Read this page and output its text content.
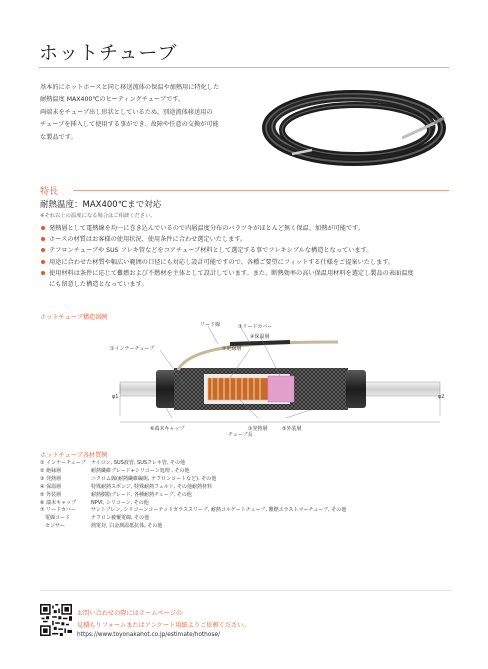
ホットチューブ
基本的にホットホースと同じ移送流体の保温や加熱用に特化した
耐熱温度 MAX400℃のヒーティングチューブです。
両端末をチューブ出し形状としているため、別途流体移送用の
チューブを挿入して使用する事ができ、故障や任意の交換が可能
な製品です。
特長
耐熱温度：MAX400℃まで対応
※それ以上の温度になる場合はご相談ください。
発熱層として電熱線を均一に巻き込んでいるので内層温度分布のバラツキがほとんど無く保温、加熱が可能です。
ホースの材質はお客様の使用状況、使用条件に合わせ選定いたします。
テフロンチューブや SUS フレキ管などをコアチューブ材料として選定する事でフレキシブルな構造となっています。
用途に合わせた材質や幅広い範囲の口径にも対応し設計可能ですので、各種ご要望にフィットする仕様をご提案いたします。
使用材料は条件に応じて難燃および不燃材を主体として設計しています。また、断熱効率の高い保温用材料を選定し製品の表面温度
にも留意した構造となっています。
ホットチューブ構造図例
リード線	⑦リードカバー
④保温層
①インナーチューブ	②絶縁層
φ1	φ2
⑥端末キャップ	③発熱層	⑤外装層
チューブ長
ホットチューブ各材質例
① インナーチューブ	ナイロン, SUS波管, SUSフレキ管, その他
② 絶縁層	耐熱繊維ブレード+シリコーン処理 , その他
③ 発熱層	ニクロム線(耐熱繊維編組, テフロンコートなど), その他
④ 保温層	特殊耐熱スポンジ, 特殊耐熱フェルト, その他耐熱材料
⑤ 外装層	耐熱樹脂ブレード, 各種耐熱チューブ, その他
⑥ 端末キャップ	NPVI, シリコーン, その他
⑦ リードカバー	サントプレン, シリコーンコーテッドガラススリーブ, 耐熱コルゲートチューブ, 難燃エラストマーチューブ, その他
　電線コード	テフロン被覆電線, その他
　センサー	熱電対, 白金測温抵抗体, その他
お問い合わせの際にはホームページの
見積もりフォームまたはアンケート用紙よりご依頼ください。
https://www.toyonakahot.co.jp/estimate/hothose/
